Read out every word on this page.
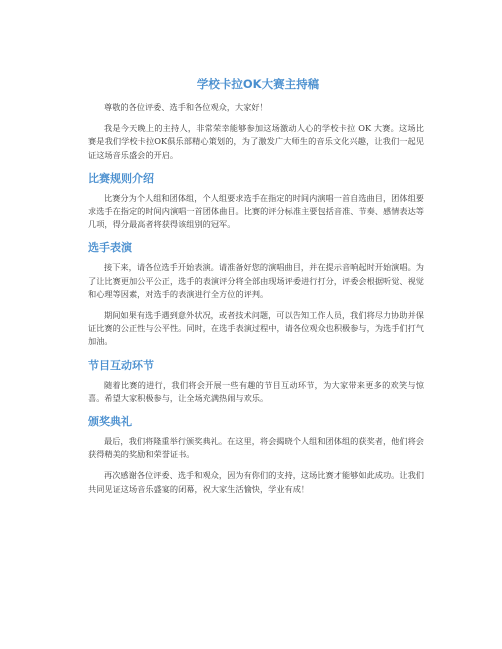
学校卡拉OK大赛主持稿

尊敬的各位评委、选手和各位观众，大家好！

我是今天晚上的主持人，非常荣幸能够参加这场激动人心的学校卡拉 OK 大赛。这场比赛是我们学校卡拉OK俱乐部精心策划的，为了激发广大师生的音乐文化兴趣，让我们一起见证这场音乐盛会的开启。

比赛规则介绍

比赛分为个人组和团体组，个人组要求选手在指定的时间内演唱一首自选曲目，团体组要求选手在指定的时间内演唱一首团体曲目。比赛的评分标准主要包括音准、节奏、感情表达等几项，得分最高者将获得该组别的冠军。

选手表演

接下来，请各位选手开始表演。请准备好您的演唱曲目，并在提示音响起时开始演唱。为了让比赛更加公平公正，选手的表演评分将全部由现场评委进行打分，评委会根据听觉、视觉和心理等因素，对选手的表演进行全方位的评判。

期间如果有选手遇到意外状况，或者技术问题，可以告知工作人员，我们将尽力协助并保证比赛的公正性与公平性。同时，在选手表演过程中，请各位观众也积极参与，为选手们打气加油。

节目互动环节

随着比赛的进行，我们将会开展一些有趣的节目互动环节，为大家带来更多的欢笑与惊喜。希望大家积极参与，让全场充满热闹与欢乐。

颁奖典礼

最后，我们将隆重举行颁奖典礼。在这里，将会揭晓个人组和团体组的获奖者，他们将会获得精美的奖励和荣誉证书。

再次感谢各位评委、选手和观众，因为有你们的支持，这场比赛才能够如此成功。让我们共同见证这场音乐盛宴的闭幕，祝大家生活愉快，学业有成！
